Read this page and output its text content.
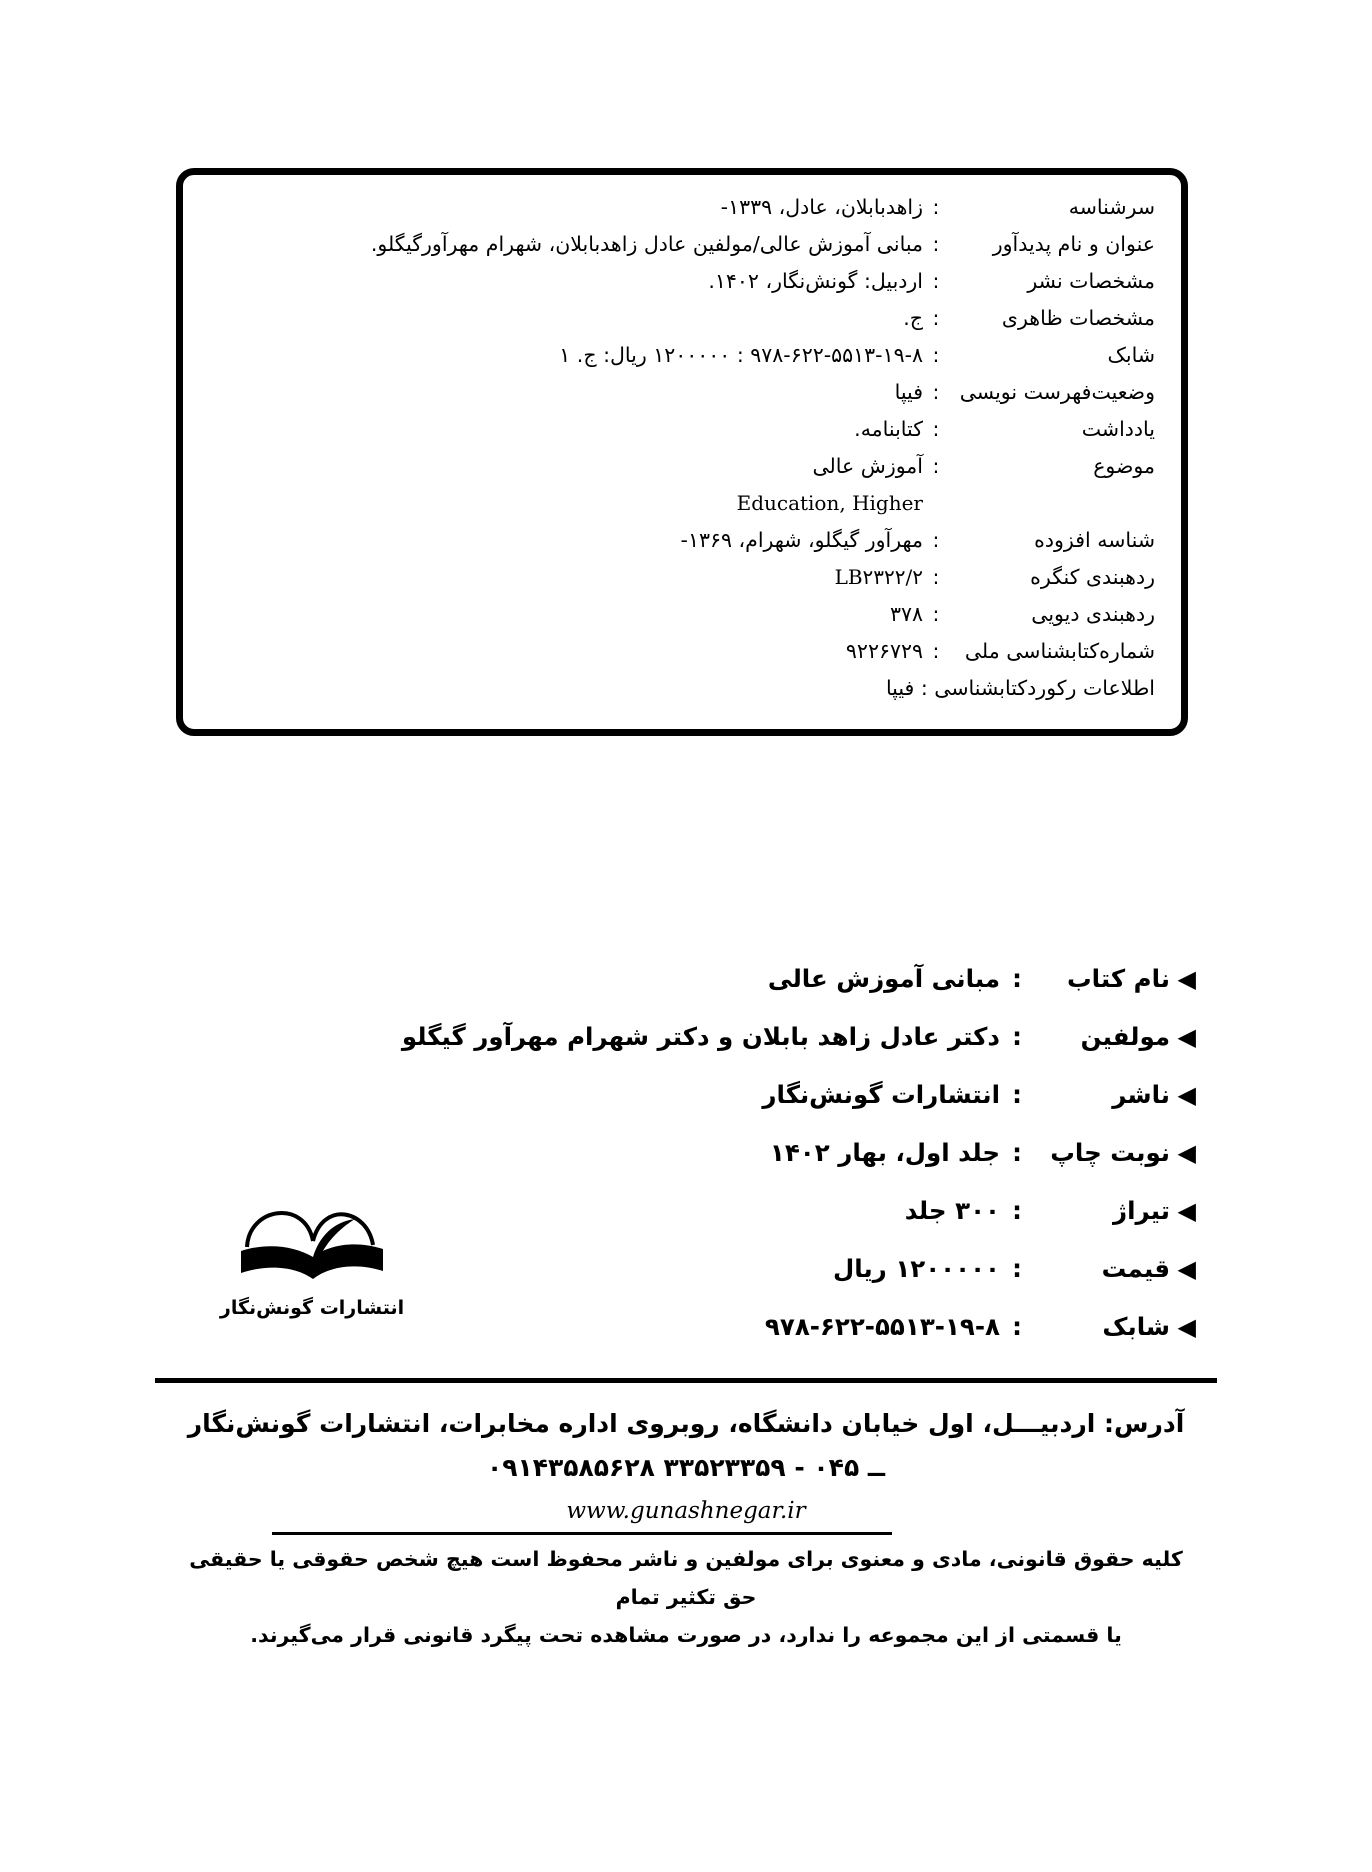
سرشناسه
:
زاهدبابلان، عادل، ۱۳۳۹-
عنوان و نام پدیدآور
:
مبانی آموزش عالی/مولفین عادل زاهدبابلان، شهرام مهرآورگیگلو.
مشخصات نشر
:
اردبیل: گونش‌نگار، ۱۴۰۲.
مشخصات ظاهری
:
ج.
شابک
:
۹۷۸-۶۲۲-۵۵۱۳-۱۹-۸ : ۱۲۰۰۰۰۰ ریال: ج. ۱
وضعیت‌فهرست نویسی
:
فیپا
یادداشت
:
کتابنامه.
موضوع
:
آموزش عالی
Education, Higher
شناسه افزوده
:
مهرآور گیگلو، شهرام، ۱۳۶۹-
ردهبندی کنگره
:
LB۲۳۲۲/۲
ردهبندی دیویی
:
۳۷۸
شماره‌کتابشناسی ملی
:
۹۲۲۶۷۲۹
اطلاعات رکوردکتابشناسی : فیپا
◀
نام کتاب
:
مبانی آموزش عالی
◀
مولفین
:
دکتر عادل زاهد بابلان و دکتر شهرام مهرآور گیگلو
◀
ناشر
:
انتشارات گونش‌نگار
◀
نوبت چاپ
:
جلد اول، بهار ۱۴۰۲
◀
تیراژ
:
۳۰۰ جلد
◀
قیمت
:
۱۲۰۰۰۰۰ ریال
◀
شابک
:
۹۷۸-۶۲۲-۵۵۱۳-۱۹-۸
انتشارات گونش‌نگار
آدرس: اردبیـــل، اول خیابان دانشگاه، روبروی اداره مخابرات، انتشارات گونش‌نگار
۰۹۱۴۳۵۸۵۶۲۸ ــ ۰۴۵ - ۳۳۵۲۳۳۵۹
www.gunashnegar.ir
کلیه حقوق قانونی، مادی و معنوی برای مولفین و ناشر محفوظ است هیچ شخص حقوقی یا حقیقی حق تکثیر تمام
یا قسمتی از این مجموعه را ندارد، در صورت مشاهده تحت پیگرد قانونی قرار می‌گیرند.
